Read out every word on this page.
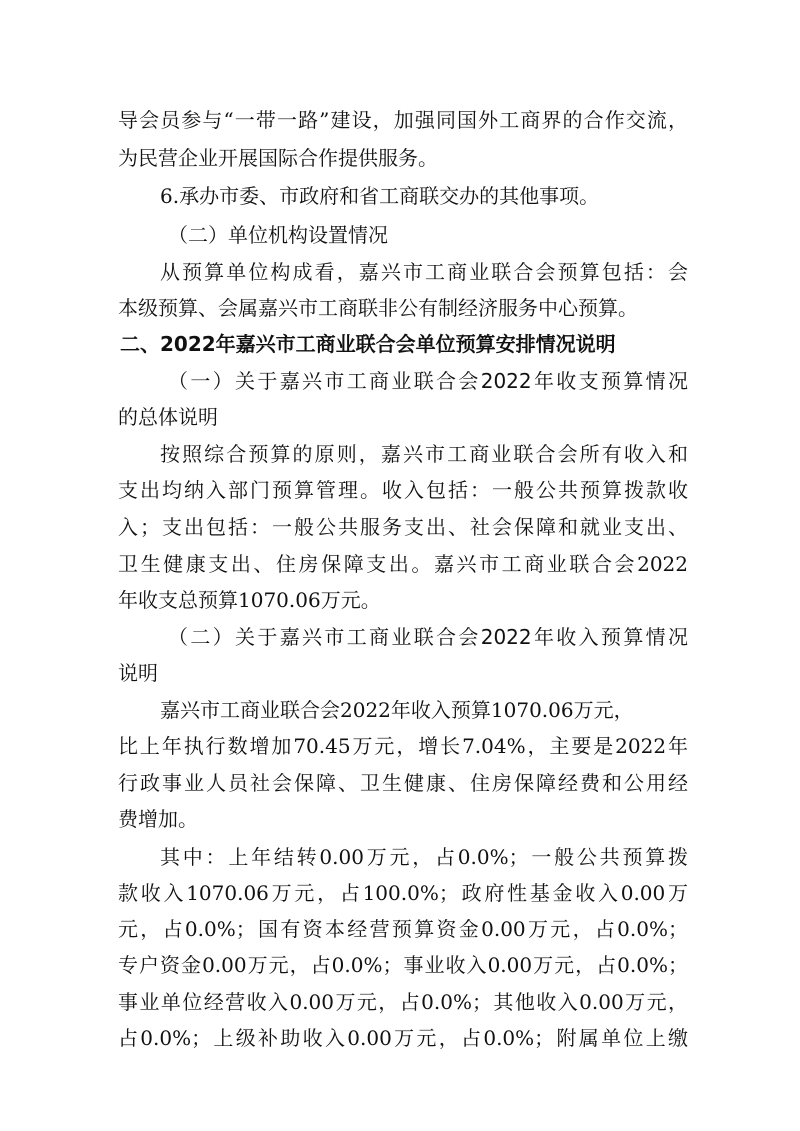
导会员参与“一带一路”建设，加强同国外工商界的合作交流，
为民营企业开展国际合作提供服务。
6.承办市委、市政府和省工商联交办的其他事项。
（二）单位机构设置情况
从预算单位构成看，嘉兴市工商业联合会预算包括：会
本级预算、会属嘉兴市工商联非公有制经济服务中心预算。
二、2022年嘉兴市工商业联合会单位预算安排情况说明
（一）关于嘉兴市工商业联合会2022年收支预算情况
的总体说明
按照综合预算的原则，嘉兴市工商业联合会所有收入和
支出均纳入部门预算管理。收入包括：一般公共预算拨款收
入；支出包括：一般公共服务支出、社会保障和就业支出、
卫生健康支出、住房保障支出。嘉兴市工商业联合会2022
年收支总预算1070.06万元。
（二）关于嘉兴市工商业联合会2022年收入预算情况
说明
嘉兴市工商业联合会2022年收入预算1070.06万元，
比上年执行数增加70.45万元，增长7.04%，主要是2022年
行政事业人员社会保障、卫生健康、住房保障经费和公用经
费增加。
其中：上年结转0.00万元，占0.0%；一般公共预算拨
款收入1070.06万元，占100.0%；政府性基金收入0.00万
元，占0.0%；国有资本经营预算资金0.00万元，占0.0%；
专户资金0.00万元，占0.0%；事业收入0.00万元，占0.0%；
事业单位经营收入0.00万元，占0.0%；其他收入0.00万元，
占0.0%；上级补助收入0.00万元，占0.0%；附属单位上缴
